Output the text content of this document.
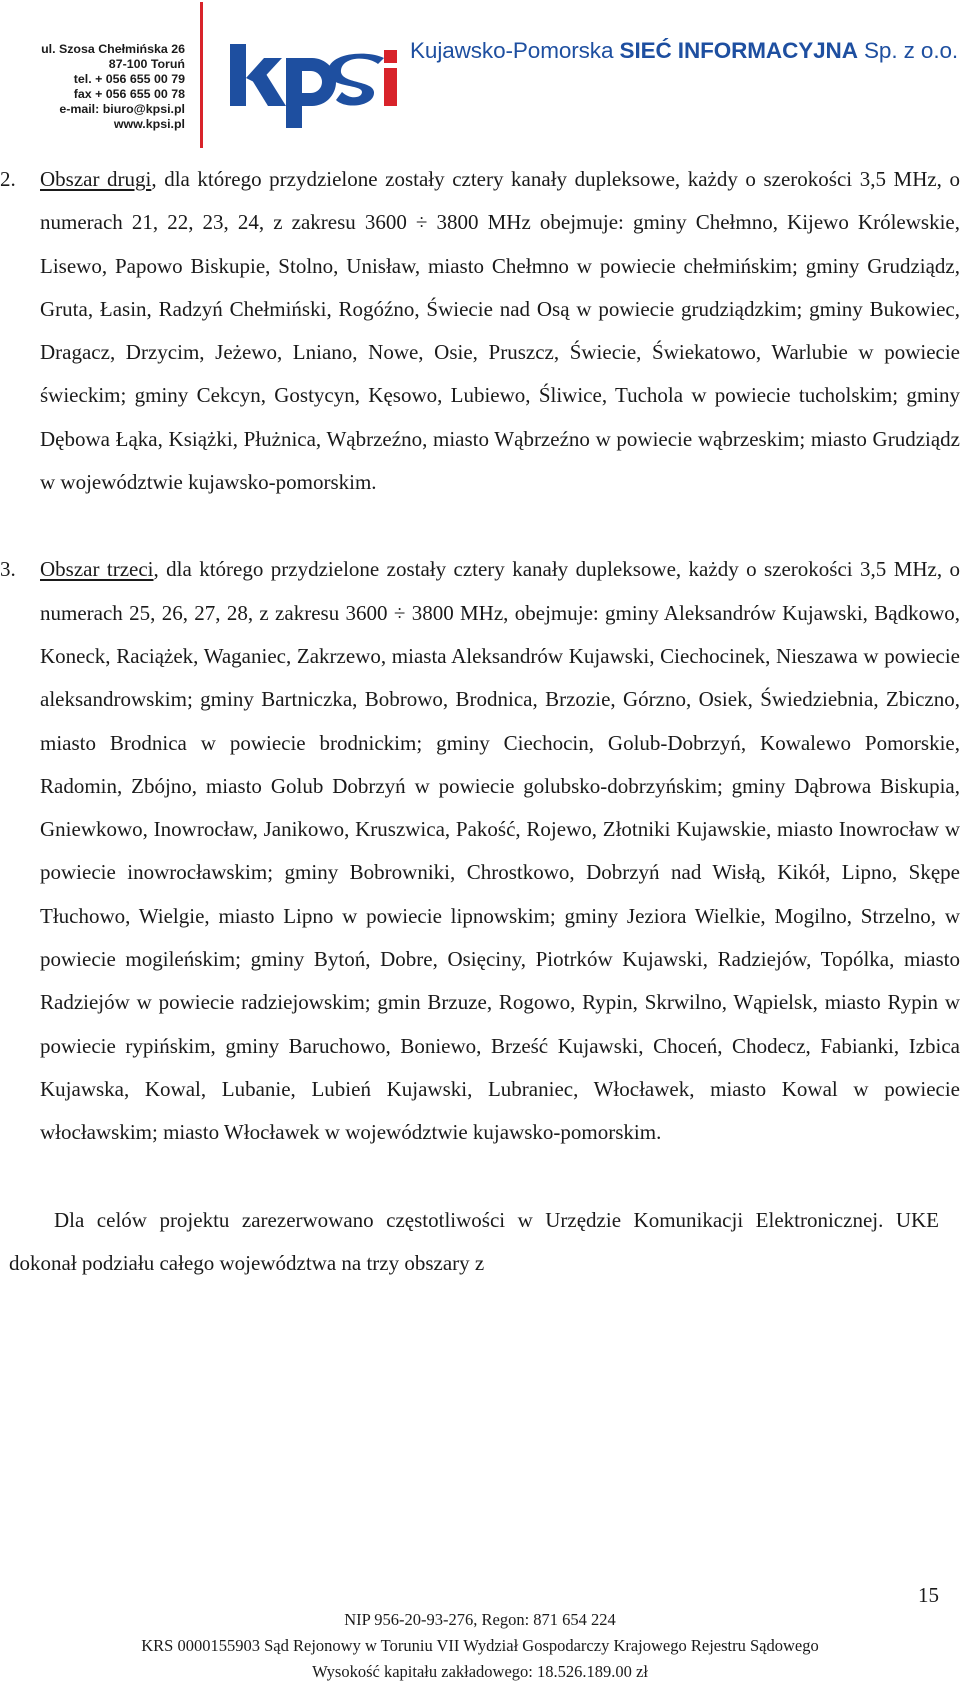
ul. Szosa Chełmińska 26
87-100 Toruń
tel. + 056 655 00 79
fax + 056 655 00 78
e-mail: biuro@kpsi.pl
www.kpsi.pl
Kujawsko-Pomorska SIEĆ INFORMACYJNA Sp. z o.o.
2. Obszar drugi, dla którego przydzielone zostały cztery kanały dupleksowe, każdy o szerokości 3,5 MHz, o numerach 21, 22, 23, 24, z zakresu 3600 ÷ 3800 MHz obejmuje: gminy Chełmno, Kijewo Królewskie, Lisewo, Papowo Biskupie, Stolno, Unisław, miasto Chełmno w powiecie chełmińskim; gminy Grudziądz, Gruta, Łasin, Radzyń Chełmiński, Rogóźno, Świecie nad Osą w powiecie grudziądzkim; gminy Bukowiec, Dragacz, Drzycim, Jeżewo, Lniano, Nowe, Osie, Pruszcz, Świecie, Świekatowo, Warlubie w powiecie świeckim; gminy Cekcyn, Gostycyn, Kęsowo, Lubiewo, Śliwice, Tuchola w powiecie tucholskim; gminy Dębowa Łąka, Książki, Płużnica, Wąbrzeźno, miasto Wąbrzeźno w powiecie wąbrzeskim; miasto Grudziądz w województwie kujawsko-pomorskim.

3. Obszar trzeci, dla którego przydzielone zostały cztery kanały dupleksowe, każdy o szerokości 3,5 MHz, o numerach 25, 26, 27, 28, z zakresu 3600 ÷ 3800 MHz, obejmuje: gminy Aleksandrów Kujawski, Bądkowo, Koneck, Raciążek, Waganiec, Zakrzewo, miasta Aleksandrów Kujawski, Ciechocinek, Nieszawa w powiecie aleksandrowskim; gminy Bartniczka, Bobrowo, Brodnica, Brzozie, Górzno, Osiek, Świedziebnia, Zbiczno, miasto Brodnica w powiecie brodnickim; gminy Ciechocin, Golub-Dobrzyń, Kowalewo Pomorskie, Radomin, Zbójno, miasto Golub Dobrzyń w powiecie golubsko-dobrzyńskim; gminy Dąbrowa Biskupia, Gniewkowo, Inowrocław, Janikowo, Kruszwica, Pakość, Rojewo, Złotniki Kujawskie, miasto Inowrocław w powiecie inowrocławskim; gminy Bobrowniki, Chrostkowo, Dobrzyń nad Wisłą, Kikół, Lipno, Skępe Tłuchowo, Wielgie, miasto Lipno w powiecie lipnowskim; gminy Jeziora Wielkie, Mogilno, Strzelno, w powiecie mogileńskim; gminy Bytoń, Dobre, Osięciny, Piotrków Kujawski, Radziejów, Topólka, miasto Radziejów w powiecie radziejowskim; gmin Brzuze, Rogowo, Rypin, Skrwilno, Wąpielsk, miasto Rypin w powiecie rypińskim, gminy Baruchowo, Boniewo, Brześć Kujawski, Choceń, Chodecz, Fabianki, Izbica Kujawska, Kowal, Lubanie, Lubień Kujawski, Lubraniec, Włocławek, miasto Kowal w powiecie włocławskim; miasto Włocławek w województwie kujawsko-pomorskim.

Dla celów projektu zarezerwowano częstotliwości w Urzędzie Komunikacji Elektronicznej. UKE dokonał podziału całego województwa na trzy obszary z

15
NIP 956-20-93-276, Regon: 871 654 224
KRS 0000155903 Sąd Rejonowy w Toruniu VII Wydział Gospodarczy Krajowego Rejestru Sądowego
Wysokość kapitału zakładowego: 18.526.189.00 zł
